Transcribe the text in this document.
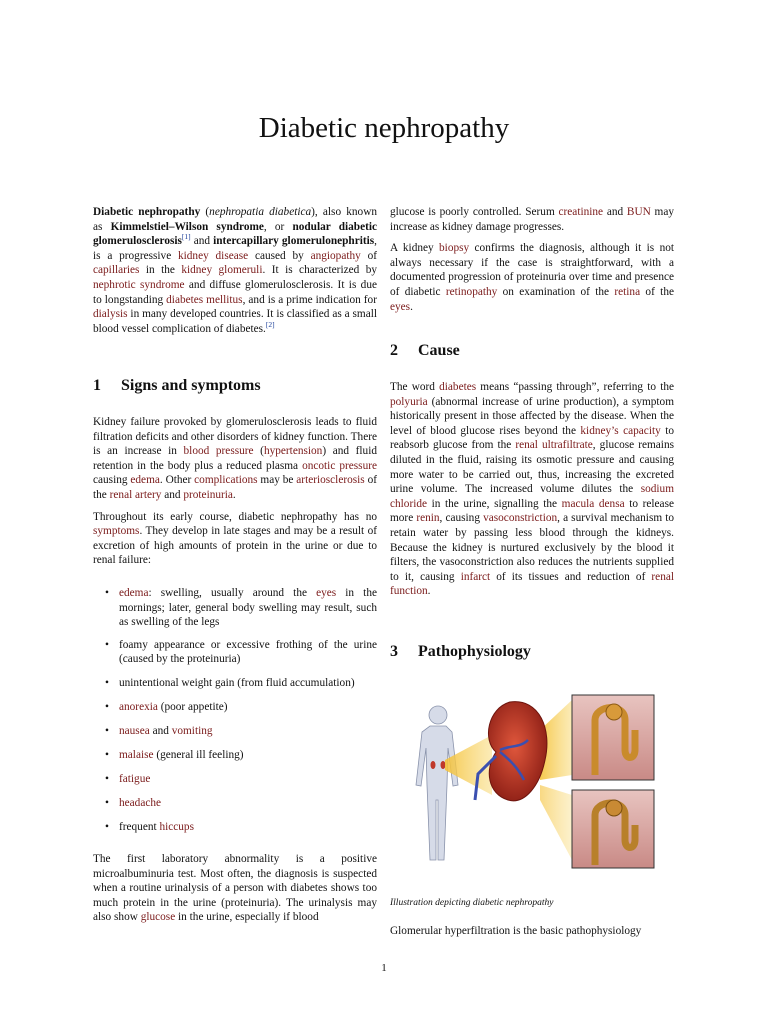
Diabetic nephropathy

Diabetic nephropathy (nephropatia diabetica), also known as Kimmelstiel–Wilson syndrome, or nodular diabetic glomerulosclerosis[1] and intercapillary glomerulonephritis, is a progressive kidney disease caused by angiopathy of capillaries in the kidney glomeruli. It is characterized by nephrotic syndrome and diffuse glomerulosclerosis. It is due to longstanding diabetes mellitus, and is a prime indication for dialysis in many developed countries. It is classified as a small blood vessel complication of diabetes.[2]

1 Signs and symptoms

Kidney failure provoked by glomerulosclerosis leads to fluid filtration deficits and other disorders of kidney function. There is an increase in blood pressure (hypertension) and fluid retention in the body plus a reduced plasma oncotic pressure causing edema. Other complications may be arteriosclerosis of the renal artery and proteinuria.

Throughout its early course, diabetic nephropathy has no symptoms. They develop in late stages and may be a result of excretion of high amounts of protein in the urine or due to renal failure:

• edema: swelling, usually around the eyes in the mornings; later, general body swelling may result, such as swelling of the legs
• foamy appearance or excessive frothing of the urine (caused by the proteinuria)
• unintentional weight gain (from fluid accumulation)
• anorexia (poor appetite)
• nausea and vomiting
• malaise (general ill feeling)
• fatigue
• headache
• frequent hiccups

The first laboratory abnormality is a positive microalbuminuria test. Most often, the diagnosis is suspected when a routine urinalysis of a person with diabetes shows too much protein in the urine (proteinuria). The urinalysis may also show glucose in the urine, especially if blood

glucose is poorly controlled. Serum creatinine and BUN may increase as kidney damage progresses.

A kidney biopsy confirms the diagnosis, although it is not always necessary if the case is straightforward, with a documented progression of proteinuria over time and presence of diabetic retinopathy on examination of the retina of the eyes.

2 Cause

The word diabetes means “passing through”, referring to the polyuria (abnormal increase of urine production), a symptom historically present in those affected by the disease. When the level of blood glucose rises beyond the kidney’s capacity to reabsorb glucose from the renal ultrafiltrate, glucose remains diluted in the fluid, raising its osmotic pressure and causing more water to be carried out, thus, increasing the excreted urine volume. The increased volume dilutes the sodium chloride in the urine, signalling the macula densa to release more renin, causing vasoconstriction, a survival mechanism to retain water by passing less blood through the kidneys. Because the kidney is nurtured exclusively by the blood it filters, the vasoconstriction also reduces the nutrients supplied to it, causing infarct of its tissues and reduction of renal function.

3 Pathophysiology
Illustration depicting diabetic nephropathy

Glomerular hyperfiltration is the basic pathophysiology

1
